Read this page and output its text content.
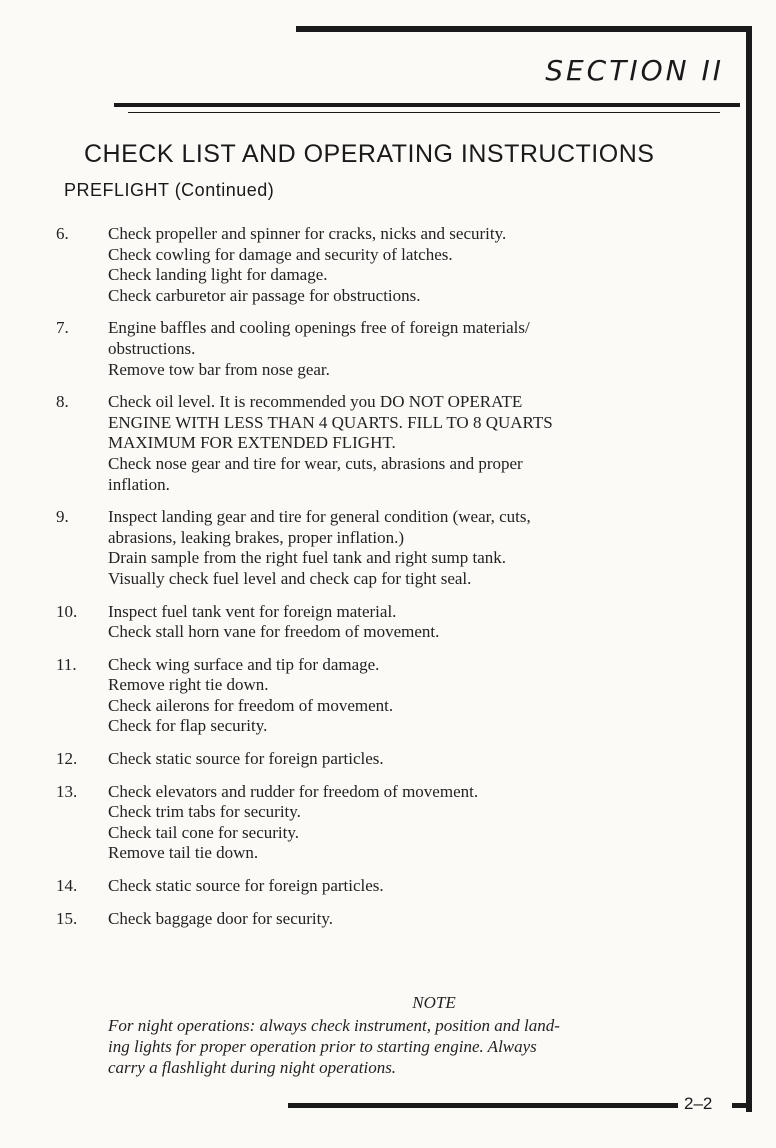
SECTION II
CHECK LIST AND OPERATING INSTRUCTIONS
PREFLIGHT (Continued)
6.	Check propeller and spinner for cracks, nicks and security.
Check cowling for damage and security of latches.
Check landing light for damage.
Check carburetor air passage for obstructions.
7.	Engine baffles and cooling openings free of foreign materials/
obstructions.
Remove tow bar from nose gear.
8.	Check oil level. It is recommended you DO NOT OPERATE
ENGINE WITH LESS THAN 4 QUARTS. FILL TO 8 QUARTS
MAXIMUM FOR EXTENDED FLIGHT.
Check nose gear and tire for wear, cuts, abrasions and proper
inflation.
9.	Inspect landing gear and tire for general condition (wear, cuts,
abrasions, leaking brakes, proper inflation.)
Drain sample from the right fuel tank and right sump tank.
Visually check fuel level and check cap for tight seal.
10.	Inspect fuel tank vent for foreign material.
Check stall horn vane for freedom of movement.
11.	Check wing surface and tip for damage.
Remove right tie down.
Check ailerons for freedom of movement.
Check for flap security.
12.	Check static source for foreign particles.
13.	Check elevators and rudder for freedom of movement.
Check trim tabs for security.
Check tail cone for security.
Remove tail tie down.
14.	Check static source for foreign particles.
15.	Check baggage door for security.
NOTE
For night operations: always check instrument, position and land-
ing lights for proper operation prior to starting engine. Always
carry a flashlight during night operations.
2–2
